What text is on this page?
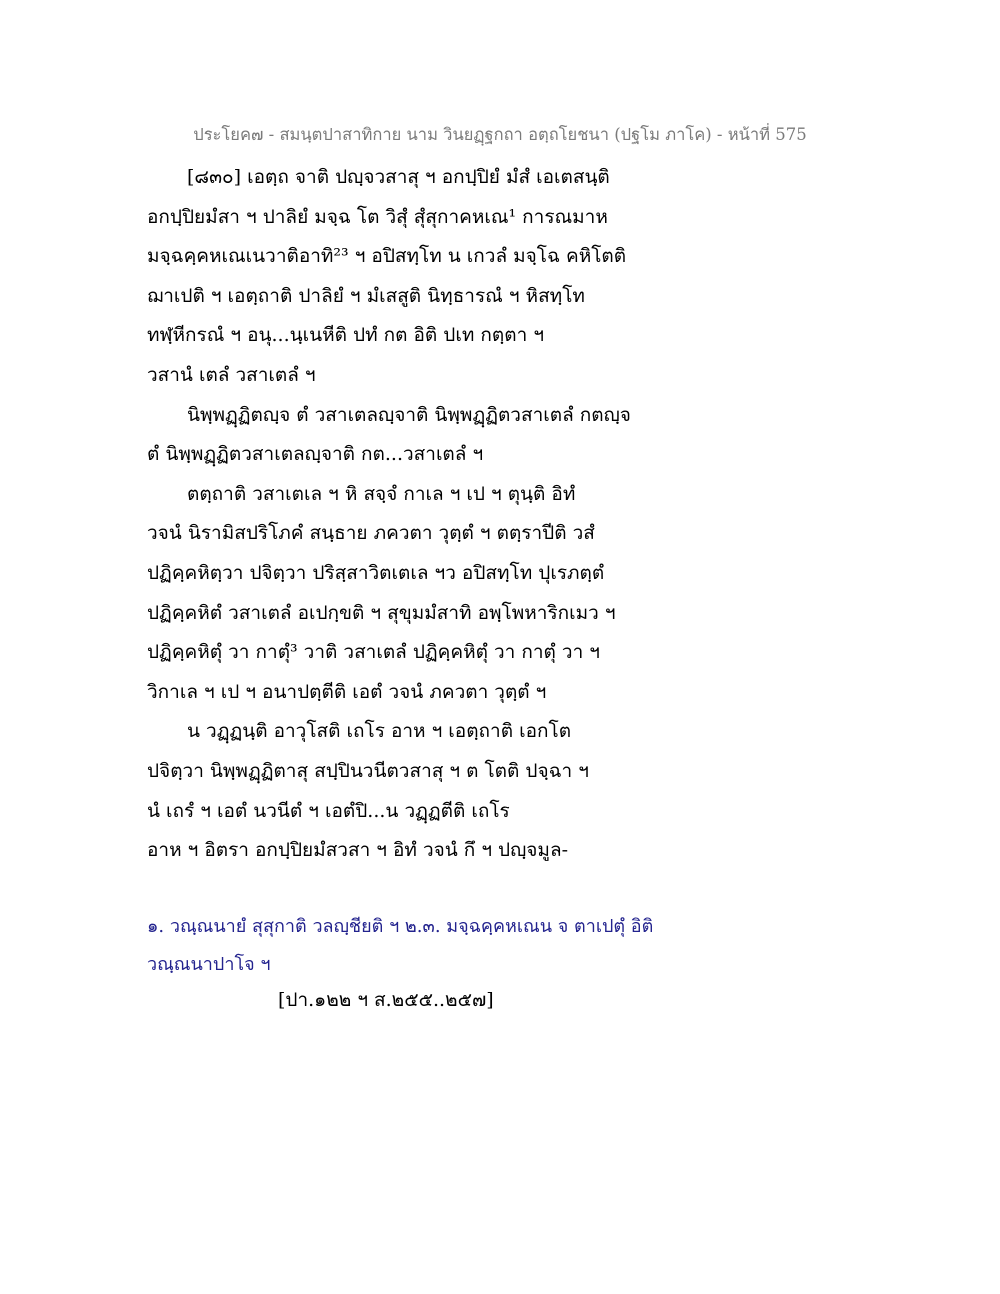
ประโยค๗ - สมนฺตปาสาทิกาย นาม วินยฏฺฐกถา อตฺถโยชนา (ปฐโม ภาโค) - หน้าที่ 575
[๘๓๐] เอตฺถ จาติ ปญฺจวสาสุ ฯ อกปฺปิยํ มํสํ เอเตสนฺติ
อกปฺปิยมํสา ฯ ปาลิยํ มจฺฉ โต วิสุํ สุํสุกาคหเณ¹ การณมาห
มจฺฉคฺคหเณเนวาติอาทิ²³ ฯ อปิสทฺโท น เกวลํ มจฺโฉ คหิโตติ
ฌาเปติ ฯ เอตฺถาติ ปาลิยํ ฯ มํเสสูติ นิทฺธารณํ ฯ หิสทฺโท
ทฬฺหีกรณํ ฯ อนุ...นฺเนหีติ ปทํ กต อิติ ปเท กตฺตา ฯ
วสานํ เตลํ วสาเตลํ ฯ
นิพฺพฏฺฏิตญฺจ ตํ วสาเตลญฺจาติ นิพฺพฏฺฏิตวสาเตลํ กตญฺจ
ตํ นิพฺพฏฺฏิตวสาเตลญฺจาติ กต...วสาเตลํ ฯ
ตตฺถาติ วสาเตเล ฯ หิ สจฺจํ กาเล ฯ เป ฯ ตุนฺติ อิทํ
วจนํ นิรามิสปริโภคํ สนฺธาย ภควตา วุตฺตํ ฯ ตตฺราปีติ วสํ
ปฏิคฺคหิตฺวา ปจิตฺวา ปริสฺสาวิตเตเล ฯว อปิสทฺโท ปุเรภตฺตํ
ปฏิคฺคหิตํ วสาเตลํ อเปกฺขติ ฯ สุขุมมํสาทิ อพฺโพหาริกเมว ฯ
ปฏิคฺคหิตุํ วา กาตุํ³ วาติ วสาเตลํ ปฏิคฺคหิตุํ วา กาตุํ วา ฯ
วิกาเล ฯ เป ฯ อนาปตฺตีติ เอตํ วจนํ ภควตา วุตฺตํ ฯ
น วฏฺฏนฺติ อาวุโสติ เถโร อาห ฯ เอตฺถาติ เอกโต
ปจิตฺวา นิพฺพฏฺฏิตาสุ สปฺปินวนีตวสาสุ ฯ ต โตติ ปจฺฉา ฯ
นํ เถรํ ฯ เอตํ นวนีตํ ฯ เอตํปิ...น วฏฺฏตีติ เถโร
อาห ฯ อิตรา อกปฺปิยมํสวสา ฯ อิทํ วจนํ กึ ฯ ปญฺจมูล-
๑. วณฺณนายํ สุสุกาติ วลญฺชียติ ฯ ๒.๓. มจฺฉคฺคหเณน จ ตาเปตุํ อิติ
วณฺณนาปาโจ ฯ
[ปา.๑๒๒ ฯ ส.๒๕๕..๒๕๗]
